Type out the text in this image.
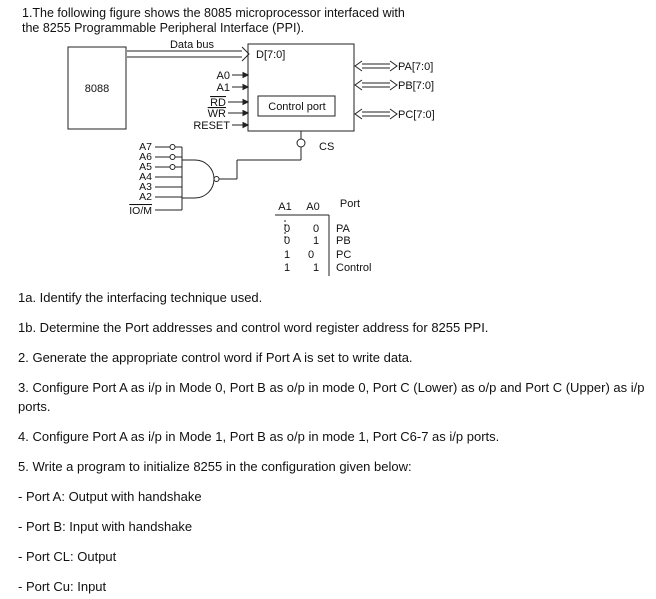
1.The following figure shows the 8085 microprocessor interfaced with
the 8255 Programmable Peripheral Interface (PPI).
8088
Data bus
D[7:0]
Control port
A0
A1
RD
WR
RESET
PA[7:0]
PB[7:0]
PC[7:0]
A7
A6
A5
A4
A3
A2
IO/M
CS
A1 A0 Port
0 0 PA
0 1 PB
1 0 PC
1 1 Control
1a. Identify the interfacing technique used.
1b. Determine the Port addresses and control word register address for 8255 PPI.
2. Generate the appropriate control word if Port A is set to write data.
3. Configure Port A as i/p in Mode 0, Port B as o/p in mode 0, Port C (Lower) as o/p and Port C (Upper) as i/p ports.
4. Configure Port A as i/p in Mode 1, Port B as o/p in mode 1, Port C6-7 as i/p ports.
5. Write a program to initialize 8255 in the configuration given below:
- Port A: Output with handshake
- Port B: Input with handshake
- Port CL: Output
- Port Cu: Input
